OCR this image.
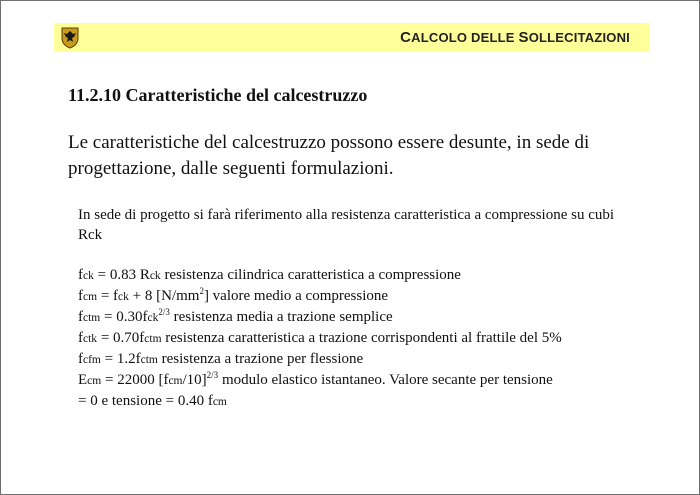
CALCOLO DELLE SOLLECITAZIONI
11.2.10 Caratteristiche del calcestruzzo

Le caratteristiche del calcestruzzo possono essere desunte, in sede di progettazione, dalle seguenti formulazioni.

In sede di progetto si farà riferimento alla resistenza caratteristica a compressione su cubi Rck
fck = 0.83 Rck resistenza cilindrica caratteristica a compressione
fcm = fck + 8 $[N/mm^2]$ valore medio a compressione
fctm = 0.30fck$^{2/3}$ resistenza media a trazione semplice
fctk = 0.70fctm resistenza caratteristica a trazione corrispondenti al frattile del 5%
fcfm = 1.2fctm resistenza a trazione per flessione
Ecm = 22000 $[fcm/10]^{2/3}$ modulo elastico istantaneo. Valore secante per tensione
= 0 e tensione = 0.40 fcm
